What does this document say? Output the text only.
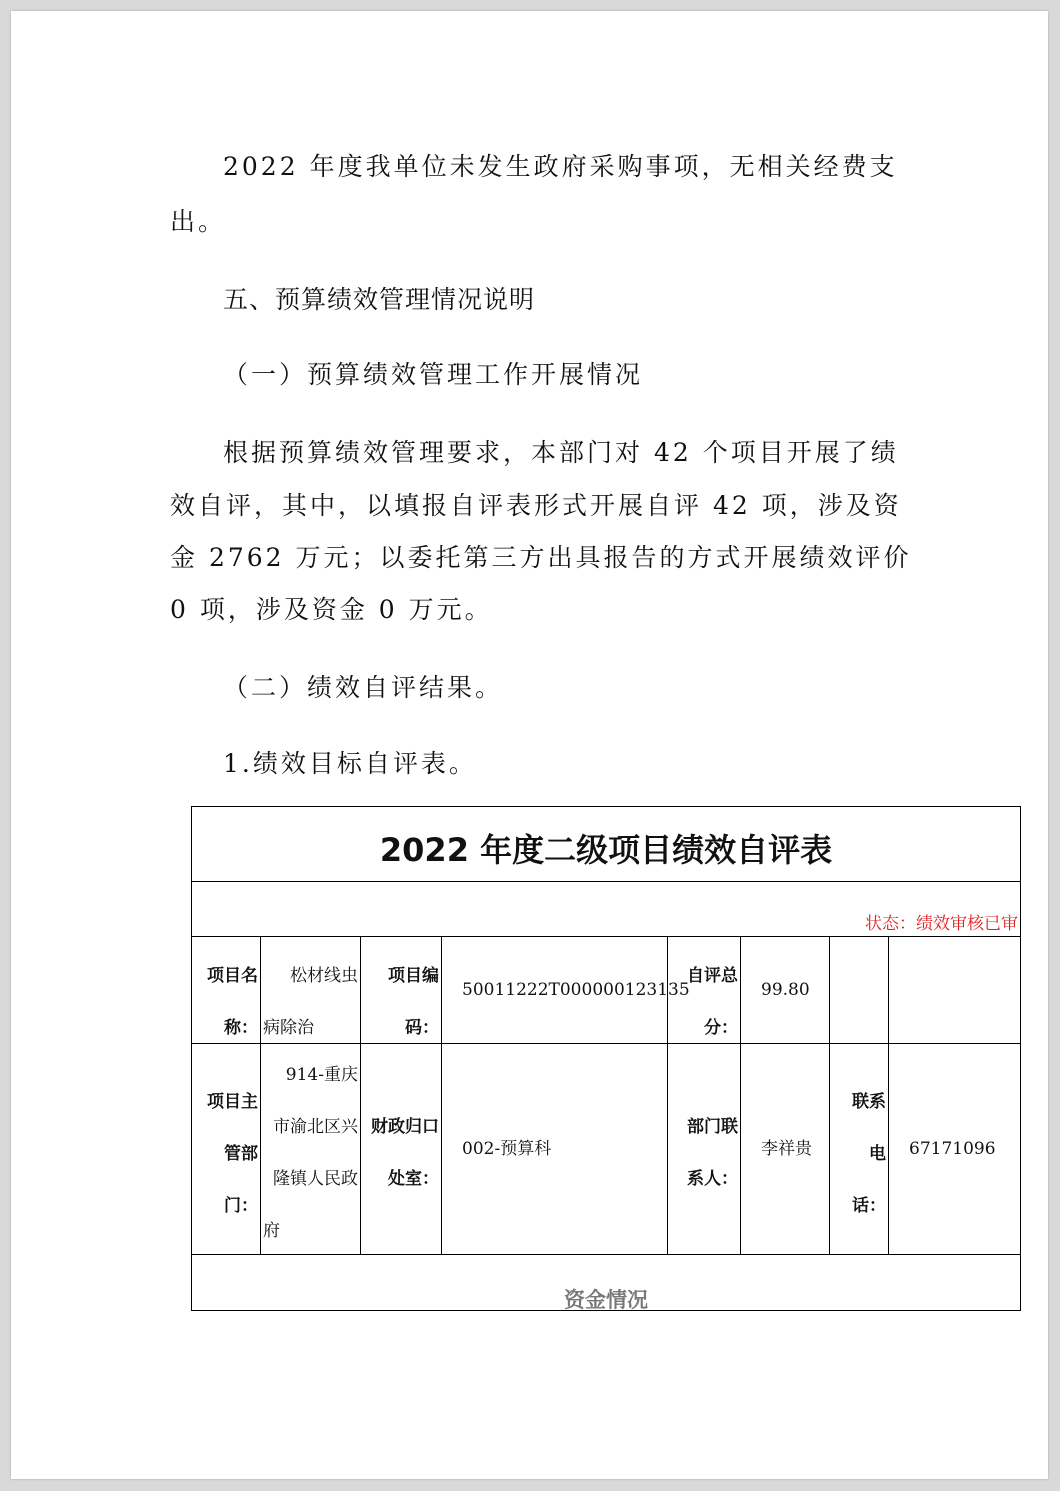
2022 年度我单位未发生政府采购事项，无相关经费支

出。

五、预算绩效管理情况说明

（一）预算绩效管理工作开展情况

根据预算绩效管理要求，本部门对 42 个项目开展了绩

效自评，其中，以填报自评表形式开展自评 42 项，涉及资

金 2762 万元；以委托第三方出具报告的方式开展绩效评价

0 项，涉及资金 0 万元。

（二）绩效自评结果。

1.绩效目标自评表。

2022 年度二级项目绩效自评表
状态：绩效审核已审
项目名
称：
松材线虫
病除治
项目编
码：
50011222T000000123135
自评总
分：
99.80
项目主
管部
门：
914-重庆
市渝北区兴
隆镇人民政
府
财政归口
处室：
002-预算科
部门联
系人：
李祥贵
联系
电
话：
67171096
资金情况
